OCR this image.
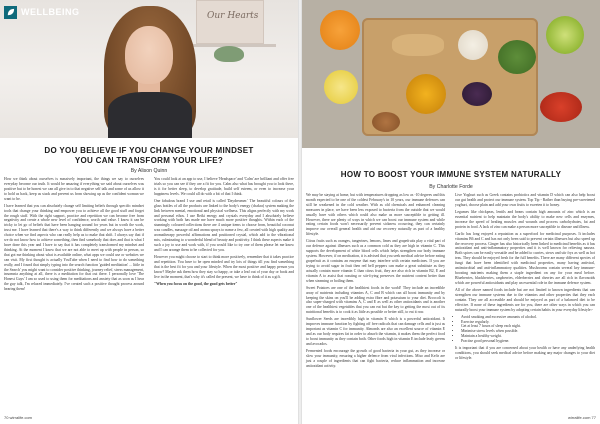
Our Hearts
WELLBEING
DO YOU BELIEVE IF YOU CHANGE YOUR MINDSET
YOU CAN TRANSFORM YOUR LIFE?
By Alison Quinn

How we think about ourselves is massively important, the things we say to ourselves everyday become our truth. It would be amazing if everything we said about ourselves was positive but to be honest we can all give in to that negative self talk and some of us allow it to hold us back, keep us stuck and prevent us from showing up as the confident woman we want to be.

I have learned that you can absolutely change self limiting beliefs through specific mindset tools that change your thinking and empower you to achieve all the good stuff and forget the rough stuff. With the right support, practice and repetition we can become free from negativity and create a whole new level of confidence, worth and value. I know it can be tricky to let go of beliefs that have been hanging around for years but in worth the work, trust me. I have learned that there's a way to think differently and we always have a better choice when we find aspects who can really help us to make that shift. I always say that if we do not know how to achieve something, then find somebody that does and that is what I have done this year and I have to say that it has completely transformed my mindset and thinking. At the moment I know that we are not able to meet up with people in person, so that got me thinking about what is available online, what apps we could use or websites we can visit. My first thought is actually YouTube when I need to find how to do something really, and I found that simply typing into the search function 'guided meditation' ... little in the Search' you might want to consider positive thinking, journey relief, stress management, insomnia anything at all, there is a meditation for that out there. I personally love 'The Honest Guys' I am so used to using them for meditations and anxiety that as soon as I hear the guy talk, I'm relaxed immediately. I've created such a positive thought process around hearing them!

You could look at an app to use, I believe 'Headspace' and 'Calm' are brilliant and offer free trials so you can see if they are a fit for you. Calm also what has brought you to look there, is it for better sleep, to develop gratitude, build self esteem, or even to increase your happiness levels. We could all do with a bit of that I think.

One fabulous brand I use and retail is called 'Daydreamer.' The beautiful colours of the glass bottles of all the products are linked to the body's energy (chakra) system making the link between mental, emotional and physical wellness. This aligns perfectly with my work and personal ethos. I use Reiki energy and crystals everyday and I absolutely believe working with both has made me have much more positive thoughts. Within each of the stunningly coloured collections there are 4 unique items to choose from, beautiful coconut wax candles, massage oil and aroma sprays to name a few, all created with high quality and aromatherapy powerful affirmations and positioned crystal, which add to the vibrational mix, culminating to a wonderful blend of beauty and positivity. I think these aspects make it such a joy to use and work with, if you would like to try one of them please let me know and I can arrange them to be collected for you.

However you might choose to start to think more positively, remember that it takes practice and repetition. You have to be open minded and try lots of things till you find something that is the best fit for you and your lifestyle. When the most positive and happy person you know? Maybe ask them how they stay so happy, or take a leaf out of your day or book and live in the moment, that's why it's called the present, we have to think of it as a gift.

"When you focus on the good, the good gets better"

70 wirralife.com
HOW TO BOOST YOUR IMMUNE SYSTEM NATURALLY
By Charlotte Forde

We may be staying at home, but with temperatures dropping as low as -10 degrees and this month expected to be one of the coldest February's in 10 years, our immune defences can still be weakened in the cold weather. With as old chemicals and enhanced cleaning measures in place, we have been less exposed to bacteria from the outside that we would usually have with others which could also make us more susceptible to getting ill. However, there are plenty of ways in which we can boost our immune system and while eating certain foods won't necessarily prevent sickness occurring, they can certainly improve our overall general health and aid our recovery naturally as part of a healthy lifestyle.

Citrus fruits such as oranges, tangerines, lemons, limes and grapefruits play a vital part of our defence against illnesses such as a common cold as they are high in vitamin C. This supports the development of white blood cells which helps strengthen our body immune system. However, if on medication, it is advised that you seek medical advice before eating grapefruit as it contains an enzyme that may interfere with certain medicines. If you are trying to avoid sugar in fruit then red bell peppers can make a great substitute as they actually contain more vitamin C than citrus fruit, they are also rich in vitamin B2, E and vitamin A to assist that roasting or stir-frying preserves the nutrient content better than when steaming or boiling them.

Sweet Potatoes are one of the healthiest foods in the world! They include an incredible array of nutrients including vitamins A, C and B which can all boost immunity and by keeping the skins on you'll be adding extra fibre and potassium to your diet. Broccoli is also super-charged with vitamins A, C and E as well as other antioxidants and is another one of the healthiest vegetables that you can eat but the key to getting the most out of its nutritional benefits is to cook it as little as possible or better still, to eat it raw.

Sunflower Seeds are incredibly high in vitamin E which is a powerful antioxidant. It improves immune function by fighting off free radicals that can damage cells and is just as important as vitamin C for immunity. Almonds are also an excellent source of vitamin E and as our body requires fat in order to absorb the vitamin, it makes them the perfect food to boost immunity as they contain both. Other foods high in vitamin E include leafy greens and avocados.

Fermented foods encourage the growth of good bacteria in your gut, as they increase or slow your immunity, ensuring a higher defence from viral infections. Miso and Kefir are just a couple of ingredients that can fight bacteria, reduce inflammation and increase antioxidant activity.

Live Yoghurt such as Greek contains probiotics and vitamin D which can also help boost our gut health and protect our immune system. Top Tip - Rather than buying pre-sweetened yoghurt, choose plain and add your own fruits to sweeten it to honey.

Legumes like chickpeas, lentils and beans contain high amounts of zinc which is an essential nutrient to help maintain the body's ability to make new cells and enzymes, increase the speed of healing muscles and wounds and process carbohydrates, fat and protein in food. A lack of zinc can make a person more susceptible to disease and illness.

Garlic has long enjoyed a reputation as a superfood for medicinal purposes. It includes vitamins B6 and C and has not only been said to prevent certain illnesses but also speed up the recovery process. Ginger has also historically been linked to medicinal benefits as it has antioxidant and anti-inflammatory properties and it is well known for relieving nausea. Both spices can be easily versatile and be added to curries, stews and stir frys as well as hot teas. They should be enjoyed fresh for the full benefits. There are many different species of fungi that have been identified with medicinal properties, many having antiviral, antimicrobial and anti-inflammatory qualities. Mushrooms contain several key immune-boosting nutrients making them a staple ingredient on any for your meal before. Blueberries, blackberries, raspberries, elderberries and cherries are all rich in flavonoids which are powerful antioxidants and play an essential role in the immune defence system.

All of the above named foods include but are not limited to known ingredients that can strengthen our immune systems due to the vitamins and other properties that they each contain. They are all accessible and should be enjoyed as part of a balanced diet to be effective. If none of these ingredients are for you, there are other ways in which you can naturally boost your immune system by adopting certain habits in your everyday lifestyle:-

• Avoid smoking and excessive amounts of alcohol.
• Exercise regularly.
• Get at least 7 hours of sleep each night.
• Minimise stress levels when possible.
• Maintain a healthy weight.
• Practise good personal hygiene.

It is important that if you are concerned about your health or have any underlying health conditions, you should seek medical advice before making any major changes to your diet or lifestyle.

wirralife.com 77
